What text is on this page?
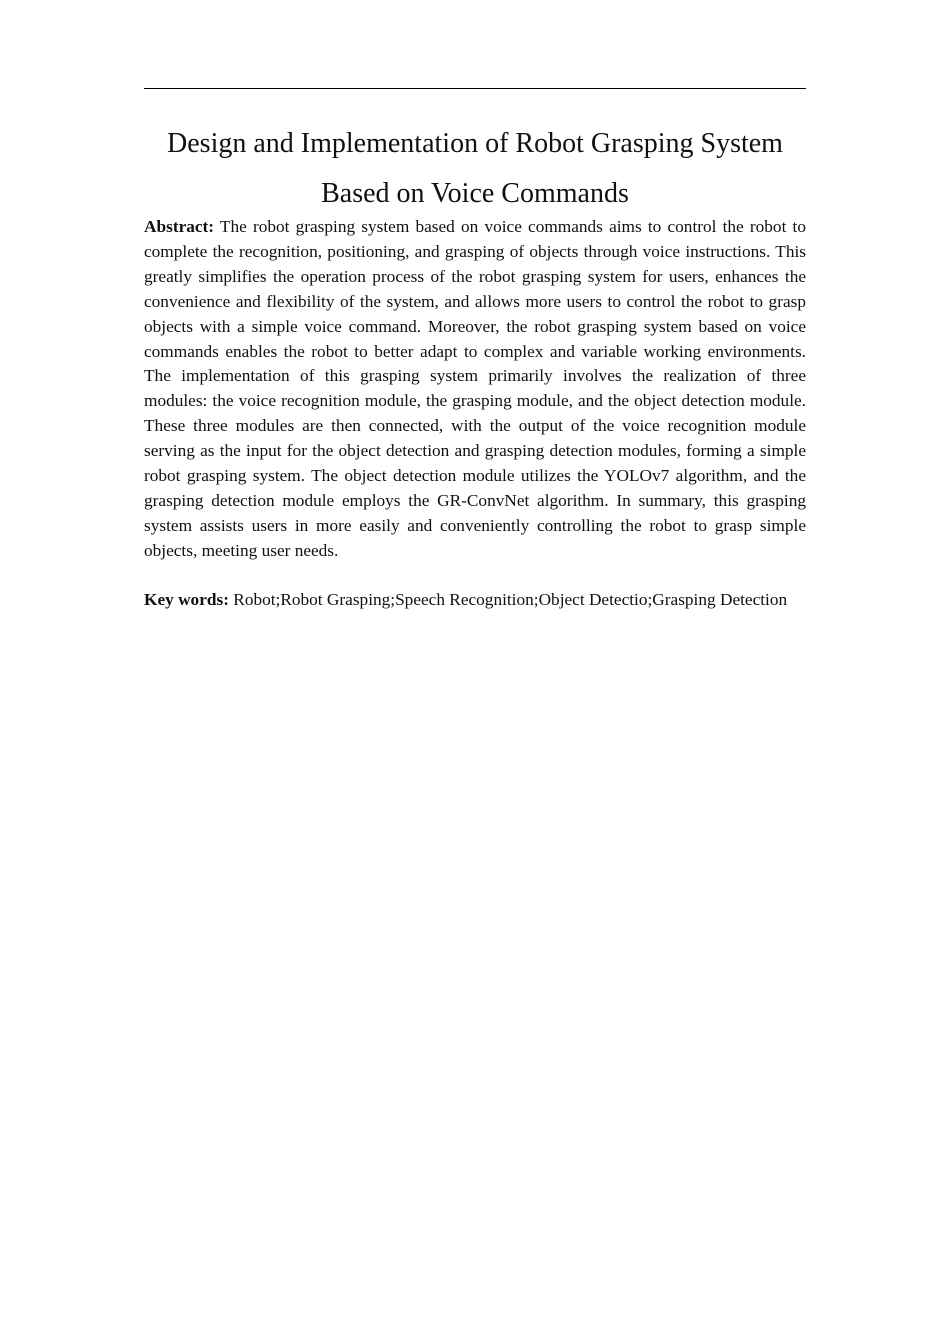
Design and Implementation of Robot Grasping System
Based on Voice Commands

Abstract: The robot grasping system based on voice commands aims to control the robot to complete the recognition, positioning, and grasping of objects through voice instructions. This greatly simplifies the operation process of the robot grasping system for users, enhances the convenience and flexibility of the system, and allows more users to control the robot to grasp objects with a simple voice command. Moreover, the robot grasping system based on voice commands enables the robot to better adapt to complex and variable working environments. The implementation of this grasping system primarily involves the realization of three modules: the voice recognition module, the grasping module, and the object detection module. These three modules are then connected, with the output of the voice recognition module serving as the input for the object detection and grasping detection modules, forming a simple robot grasping system. The object detection module utilizes the YOLOv7 algorithm, and the grasping detection module employs the GR-ConvNet algorithm. In summary, this grasping system assists users in more easily and conveniently controlling the robot to grasp simple objects, meeting user needs.

Key words: Robot;Robot Grasping;Speech Recognition;Object Detectio;Grasping Detection
